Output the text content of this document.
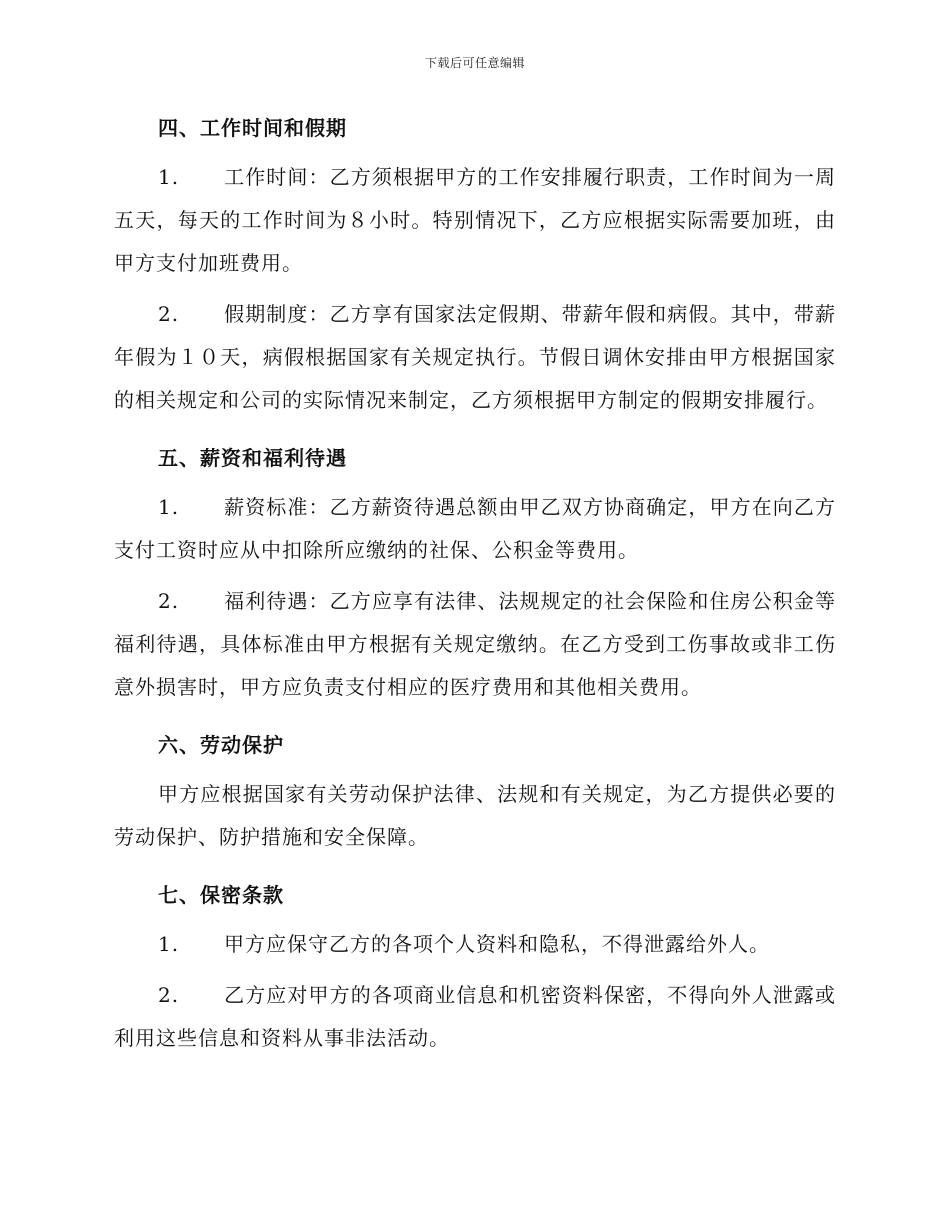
下载后可任意编辑
四、工作时间和假期

1. 工作时间：乙方须根据甲方的工作安排履行职责，工作时间为一周五天，每天的工作时间为８小时。特别情况下，乙方应根据实际需要加班，由甲方支付加班费用。

2. 假期制度：乙方享有国家法定假期、带薪年假和病假。其中，带薪年假为１０天，病假根据国家有关规定执行。节假日调休安排由甲方根据国家的相关规定和公司的实际情况来制定，乙方须根据甲方制定的假期安排履行。

五、薪资和福利待遇

1. 薪资标准：乙方薪资待遇总额由甲乙双方协商确定，甲方在向乙方支付工资时应从中扣除所应缴纳的社保、公积金等费用。

2. 福利待遇：乙方应享有法律、法规规定的社会保险和住房公积金等福利待遇，具体标准由甲方根据有关规定缴纳。在乙方受到工伤事故或非工伤意外损害时，甲方应负责支付相应的医疗费用和其他相关费用。

六、劳动保护

甲方应根据国家有关劳动保护法律、法规和有关规定，为乙方提供必要的劳动保护、防护措施和安全保障。

七、保密条款

1. 甲方应保守乙方的各项个人资料和隐私，不得泄露给外人。

2. 乙方应对甲方的各项商业信息和机密资料保密，不得向外人泄露或利用这些信息和资料从事非法活动。
